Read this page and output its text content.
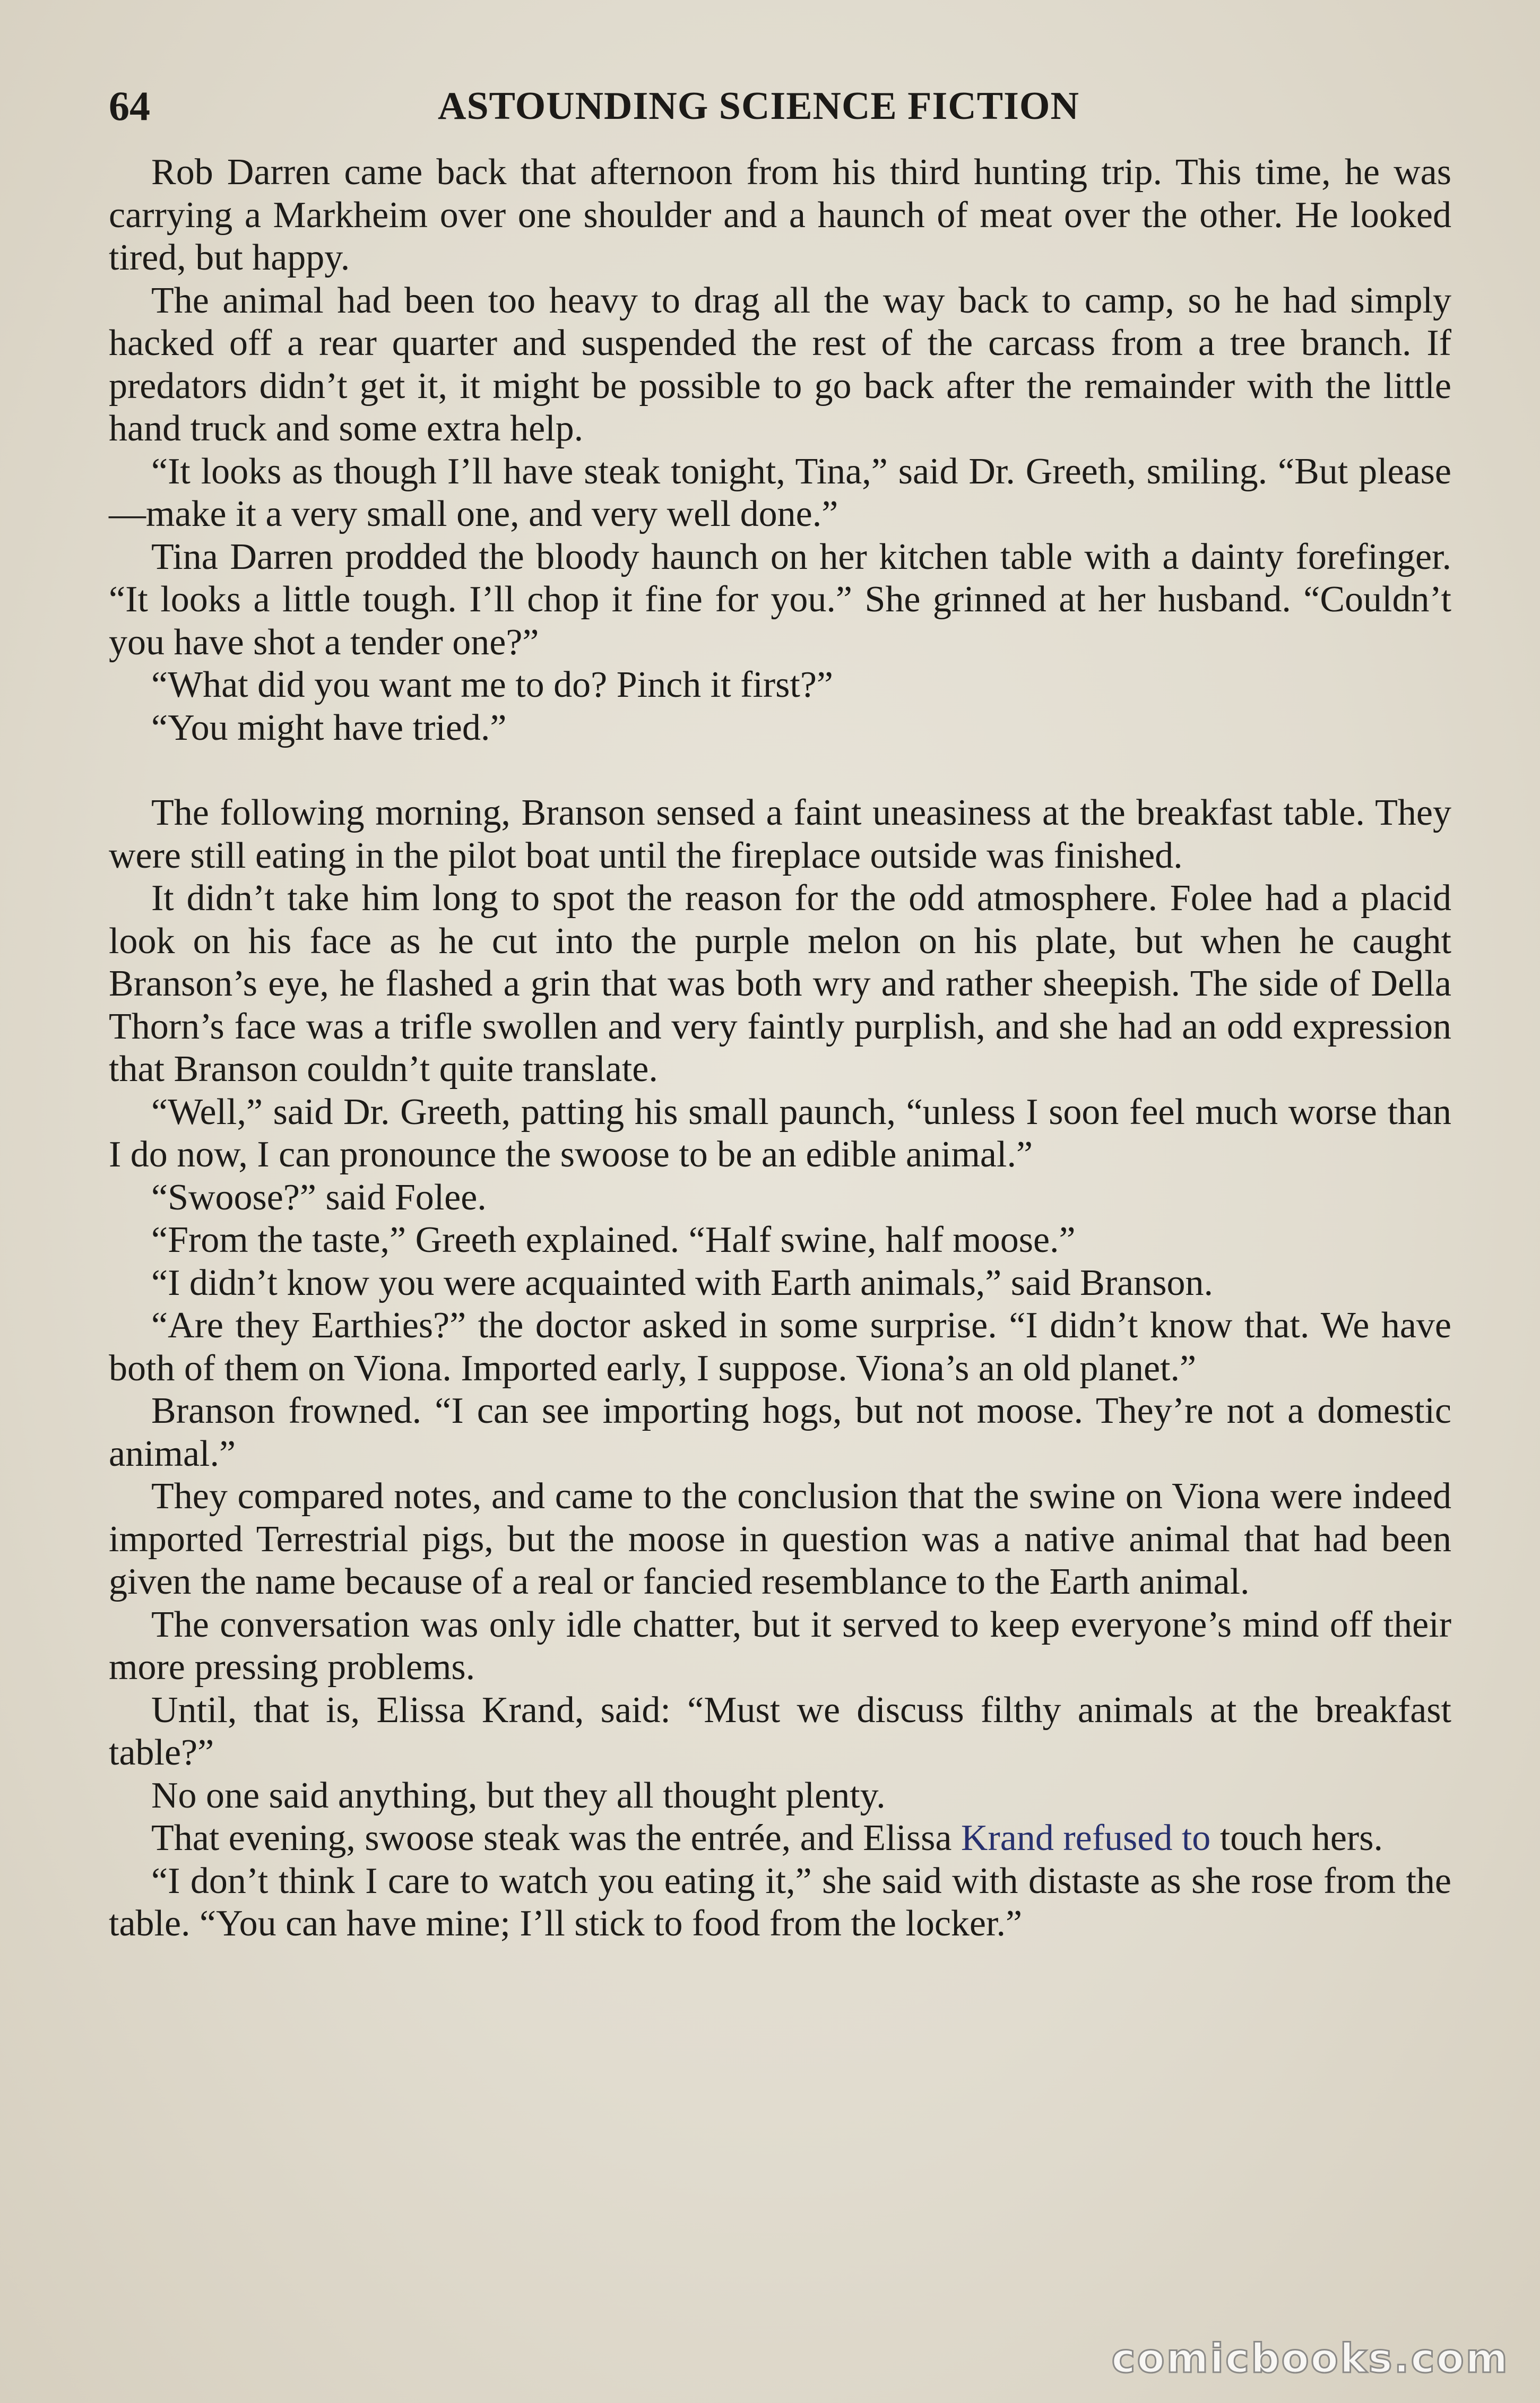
64	ASTOUNDING SCIENCE FICTION

Rob Darren came back that afternoon from his third hunting trip. This time, he was carrying a Markheim over one shoulder and a haunch of meat over the other. He looked tired, but happy.

The animal had been too heavy to drag all the way back to camp, so he had simply hacked off a rear quarter and suspended the rest of the carcass from a tree branch. If predators didn’t get it, it might be possible to go back after the remainder with the little hand truck and some extra help.

“It looks as though I’ll have steak tonight, Tina,” said Dr. Greeth, smiling. “But please—make it a very small one, and very well done.”

Tina Darren prodded the bloody haunch on her kitchen table with a dainty forefinger. “It looks a little tough. I’ll chop it fine for you.” She grinned at her husband. “Couldn’t you have shot a tender one?”

“What did you want me to do? Pinch it first?”

“You might have tried.”

The following morning, Branson sensed a faint uneasiness at the breakfast table. They were still eating in the pilot boat until the fireplace outside was finished.

It didn’t take him long to spot the reason for the odd atmosphere. Folee had a placid look on his face as he cut into the purple melon on his plate, but when he caught Branson’s eye, he flashed a grin that was both wry and rather sheepish. The side of Della Thorn’s face was a trifle swollen and very faintly purplish, and she had an odd expression that Branson couldn’t quite translate.

“Well,” said Dr. Greeth, patting his small paunch, “unless I soon feel much worse than I do now, I can pronounce the swoose to be an edible animal.”

“Swoose?” said Folee.

“From the taste,” Greeth explained. “Half swine, half moose.”

“I didn’t know you were acquainted with Earth animals,” said Branson.

“Are they Earthies?” the doctor asked in some surprise. “I didn’t know that. We have both of them on Viona. Imported early, I suppose. Viona’s an old planet.”

Branson frowned. “I can see importing hogs, but not moose. They’re not a domestic animal.”

They compared notes, and came to the conclusion that the swine on Viona were indeed imported Terrestrial pigs, but the moose in question was a native animal that had been given the name because of a real or fancied resemblance to the Earth animal.

The conversation was only idle chatter, but it served to keep everyone’s mind off their more pressing problems.

Until, that is, Elissa Krand, said: “Must we discuss filthy animals at the breakfast table?”

No one said anything, but they all thought plenty.

That evening, swoose steak was the entrée, and Elissa Krand refused to touch hers.

“I don’t think I care to watch you eating it,” she said with distaste as she rose from the table. “You can have mine; I’ll stick to food from the locker.”

comicbooks.com
